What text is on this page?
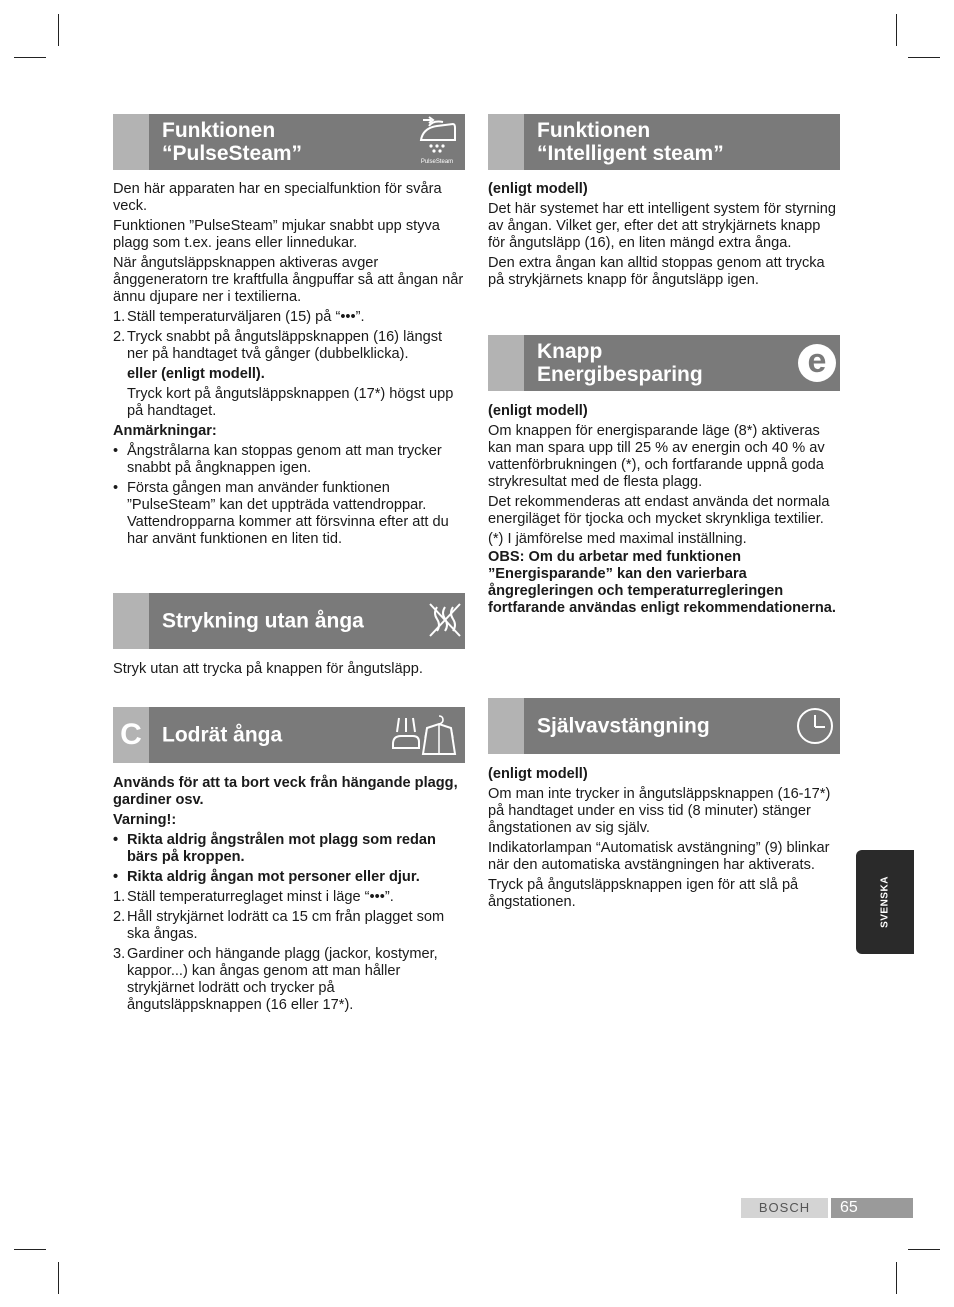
Funktionen
“PulseSteam”	PulseSteam

Den här apparaten har en specialfunktion för svåra veck.

Funktionen ”PulseSteam” mjukar snabbt upp styva plagg som t.ex. jeans eller linnedukar.

När ångutsläppsknappen aktiveras avger ånggeneratorn tre kraftfulla ångpuffar så att ångan når ännu djupare ner i textilierna.

1. Ställ temperaturväljaren (15) på “•••”.
2. Tryck snabbt på ångutsläppsknappen (16) längst ner på handtaget två gånger (dubbelklicka).
eller (enligt modell).
Tryck kort på ångutsläppsknappen (17*) högst upp på handtaget.

Anmärkningar:

• Ångstrålarna kan stoppas genom att man trycker snabbt på ångknappen igen.
• Första gången man använder funktionen ”PulseSteam” kan det uppträda vattendroppar. Vattendropparna kommer att försvinna efter att du har använt funktionen en liten tid.
Strykning utan ånga

Stryk utan att trycka på knappen för ångutsläpp.

C Lodrät ånga

Används för att ta bort veck från hängande plagg, gardiner osv.

Varning!:

• Rikta aldrig ångstrålen mot plagg som redan bärs på kroppen.
• Rikta aldrig ångan mot personer eller djur.
1. Ställ temperaturreglaget minst i läge “•••”.
2. Håll strykjärnet lodrätt ca 15 cm från plagget som ska ångas.
3. Gardiner och hängande plagg (jackor, kostymer, kappor...) kan ångas genom att man håller strykjärnet lodrätt och trycker på ångutsläppsknappen (16 eller 17*).
Funktionen
“Intelligent steam”

(enligt modell)

Det här systemet har ett intelligent system för styrning av ångan. Vilket ger, efter det att strykjärnets knapp för ångutsläpp (16), en liten mängd extra ånga.

Den extra ångan kan alltid stoppas genom att trycka på strykjärnets knapp för ångutsläpp igen.

Knapp
Energibesparing	e

(enligt modell)

Om knappen för energisparande läge (8*) aktiveras kan man spara upp till 25 % av energin och 40 % av vattenförbrukningen (*), och fortfarande uppnå goda strykresultat med de flesta plagg.

Det rekommenderas att endast använda det normala energiläget för tjocka och mycket skrynkliga textilier.

(*) I jämförelse med maximal inställning.

OBS: Om du arbetar med funktionen ”Energisparande” kan den varierbara ångregleringen och temperaturregleringen fortfarande användas enligt rekommendationerna.

Självavstängning

(enligt modell)

Om man inte trycker in ångutsläppsknappen (16-17*) på handtaget under en viss tid (8 minuter) stänger ångstationen av sig själv.

Indikatorlampan “Automatisk avstängning” (9) blinkar när den automatiska avstängningen har aktiverats.

Tryck på ångutsläppsknappen igen för att slå på ångstationen.	SVENSKA
BOSCH	65
